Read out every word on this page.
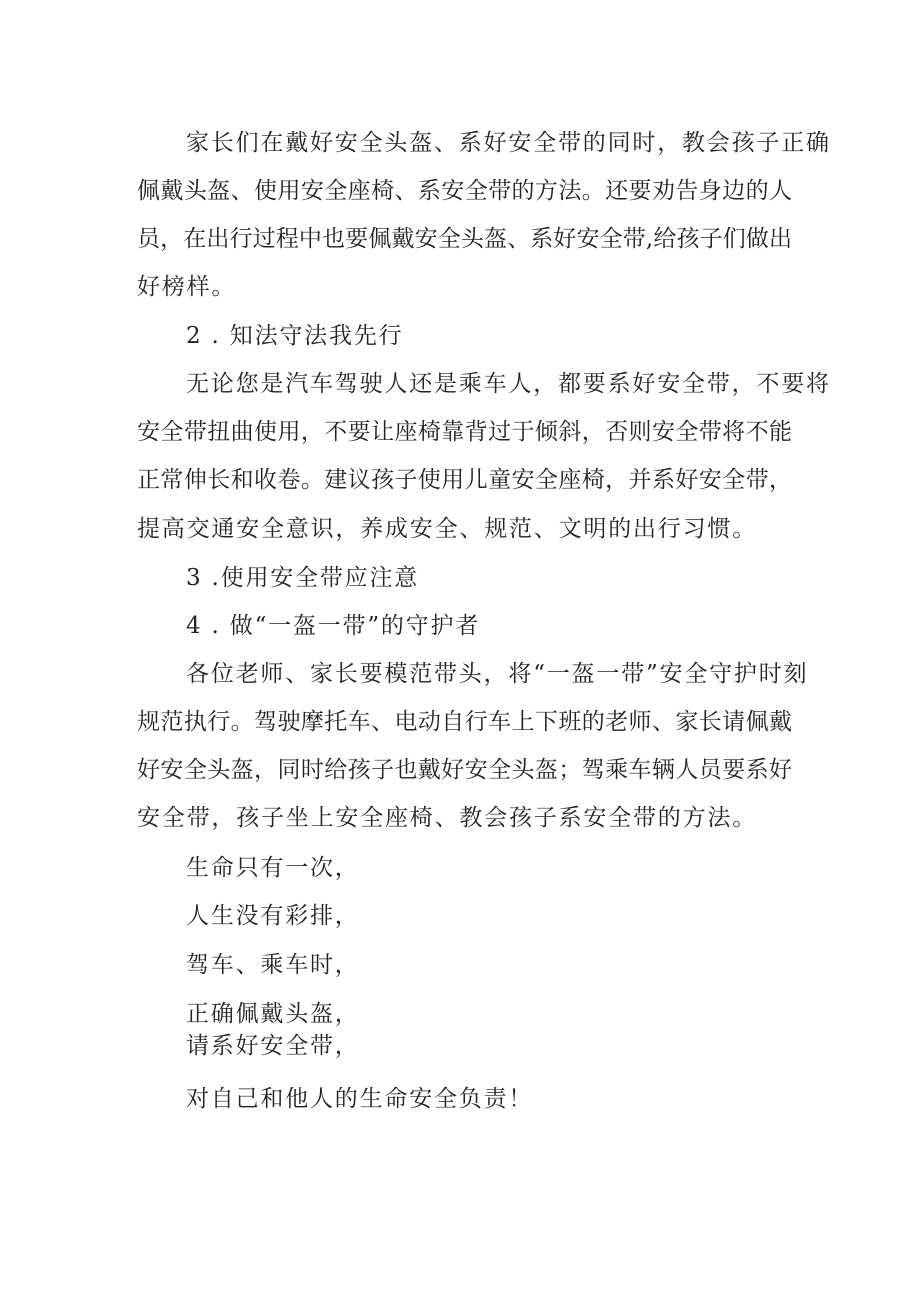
家长们在戴好安全头盔、系好安全带的同时，教会孩子正确

佩戴头盔、使用安全座椅、系安全带的方法。还要劝告身边的人

员，在出行过程中也要佩戴安全头盔、系好安全带,给孩子们做出

好榜样。

2 . 知法守法我先行

无论您是汽车驾驶人还是乘车人，都要系好安全带，不要将

安全带扭曲使用，不要让座椅靠背过于倾斜，否则安全带将不能

正常伸长和收卷。建议孩子使用儿童安全座椅，并系好安全带，

提高交通安全意识，养成安全、规范、文明的出行习惯。

3 .使用安全带应注意

4 . 做“一盔一带”的守护者

各位老师、家长要模范带头，将“一盔一带”安全守护时刻

规范执行。驾驶摩托车、电动自行车上下班的老师、家长请佩戴

好安全头盔，同时给孩子也戴好安全头盔；驾乘车辆人员要系好

安全带，孩子坐上安全座椅、教会孩子系安全带的方法。

生命只有一次，

人生没有彩排，

驾车、乘车时，

正确佩戴头盔，

请系好安全带，

对自己和他人的生命安全负责！
